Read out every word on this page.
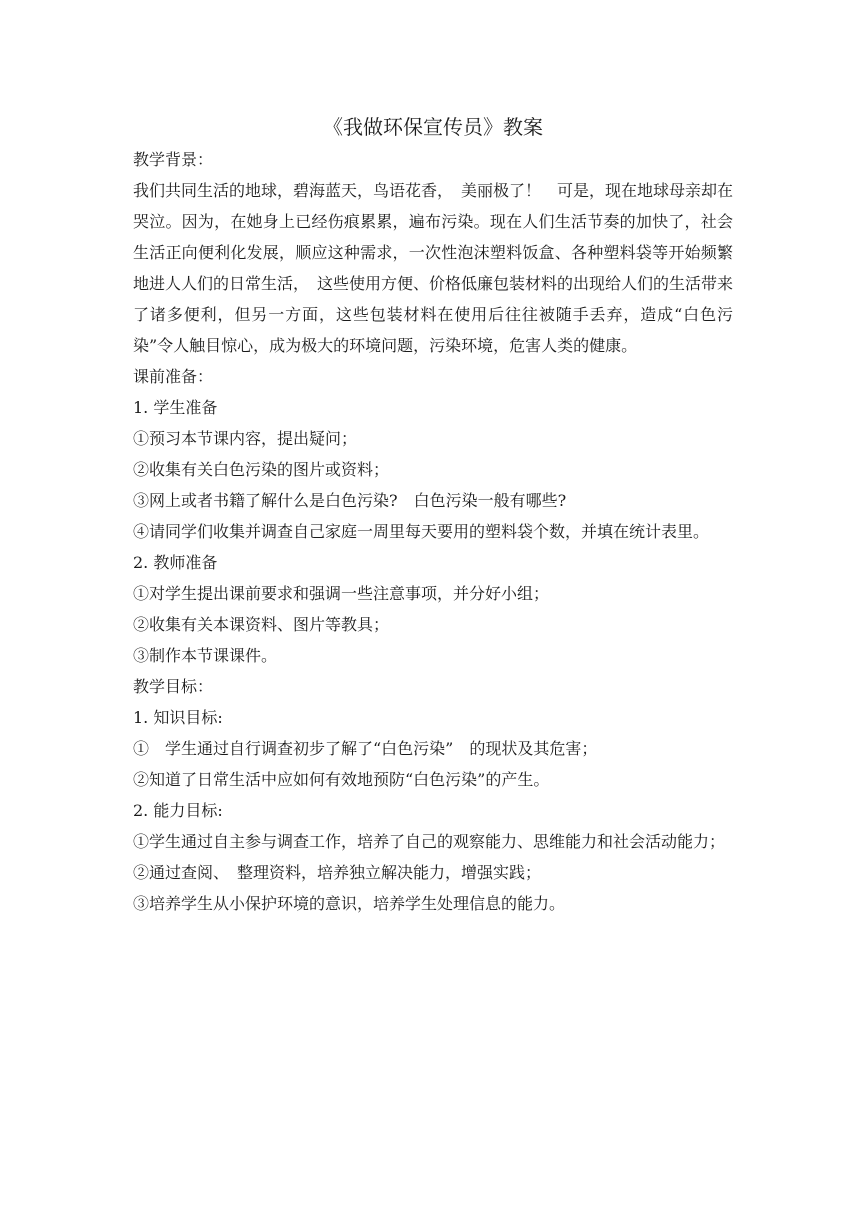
《我做环保宣传员》教案

教学背景：

我们共同生活的地球，碧海蓝天，鸟语花香，　美丽极了！　可是，现在地球母亲却在哭泣。因为，在她身上已经伤痕累累，遍布污染。现在人们生活节奏的加快了，社会生活正向便利化发展，顺应这种需求，一次性泡沫塑料饭盒、各种塑料袋等开始频繁地进人人们的日常生活，　这些使用方便、价格低廉包装材料的出现给人们的生活带来了诸多便利，但另一方面，这些包装材料在使用后往往被随手丢弃，造成“白色污染”令人触目惊心，成为极大的环境问题，污染环境，危害人类的健康。

课前准备：

1. 学生准备

①预习本节课内容，提出疑问；

②收集有关白色污染的图片或资料；

③网上或者书籍了解什么是白色污染?　白色污染一般有哪些?

④请同学们收集并调查自己家庭一周里每天要用的塑料袋个数，并填在统计表里。

2. 教师准备

①对学生提出课前要求和强调一些注意事项，并分好小组；

②收集有关本课资料、图片等教具；

③制作本节课课件。

教学目标：

1. 知识目标:

①　学生通过自行调查初步了解了“白色污染”　的现状及其危害；

②知道了日常生活中应如何有效地预防“白色污染”的产生。

2. 能力目标:

①学生通过自主参与调查工作，培养了自己的观察能力、思维能力和社会活动能力；

②通过查阅、　整理资料，培养独立解决能力，增强实践；

③培养学生从小保护环境的意识，培养学生处理信息的能力。
